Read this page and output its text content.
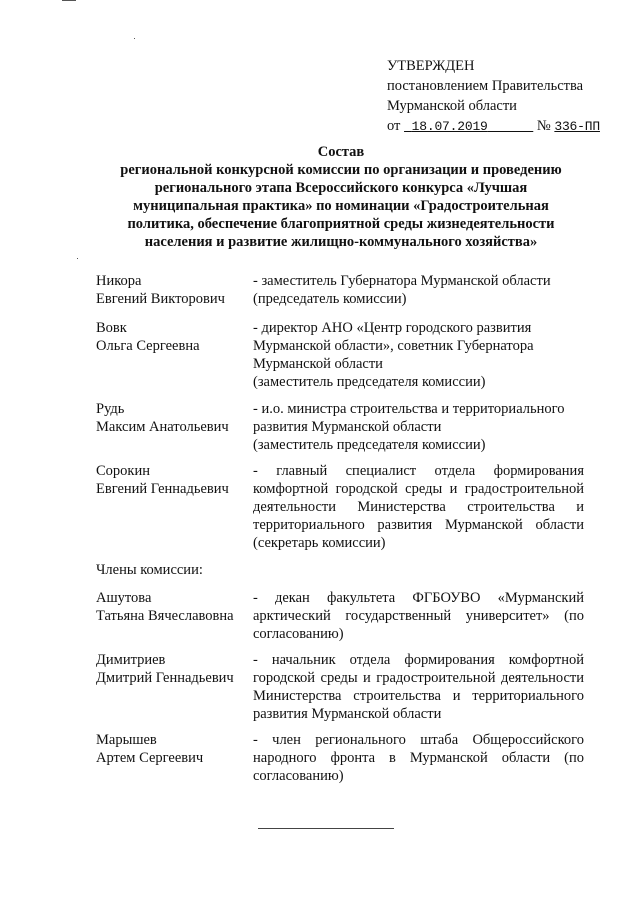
УТВЕРЖДЕН
постановлением Правительства
Мурманской области
от 18.07.2019	№ 336-ПП
Состав
региональной конкурсной комиссии по организации и проведению
регионального этапа Всероссийского конкурса «Лучшая
муниципальная практика» по номинации «Градостроительная
политика, обеспечение благоприятной среды жизнедеятельности
населения и развитие жилищно-коммунального хозяйства»
Никора
Евгений Викторович
- заместитель Губернатора Мурманской области (председатель комиссии)
Вовк
Ольга Сергеевна
- директор АНО «Центр городского развития Мурманской области», советник Губернатора Мурманской области
(заместитель председателя комиссии)
Рудь
Максим Анатольевич
- и.о. министра строительства и территориального развития Мурманской области
(заместитель председателя комиссии)
Сорокин
Евгений Геннадьевич
- главный специалист отдела формирования комфортной городской среды и градостроительной деятельности Министерства строительства и территориального развития Мурманской области (секретарь комиссии)
Члены комиссии:
Ашутова
Татьяна Вячеславовна
- декан факультета ФГБОУВО «Мурманский арктический государственный университет» (по согласованию)
Димитриев
Дмитрий Геннадьевич
- начальник отдела формирования комфортной городской среды и градостроительной деятельности Министерства строительства и территориального развития Мурманской области
Марышев
Артем Сергеевич
- член регионального штаба Общероссийского народного фронта в Мурманской области (по согласованию)
